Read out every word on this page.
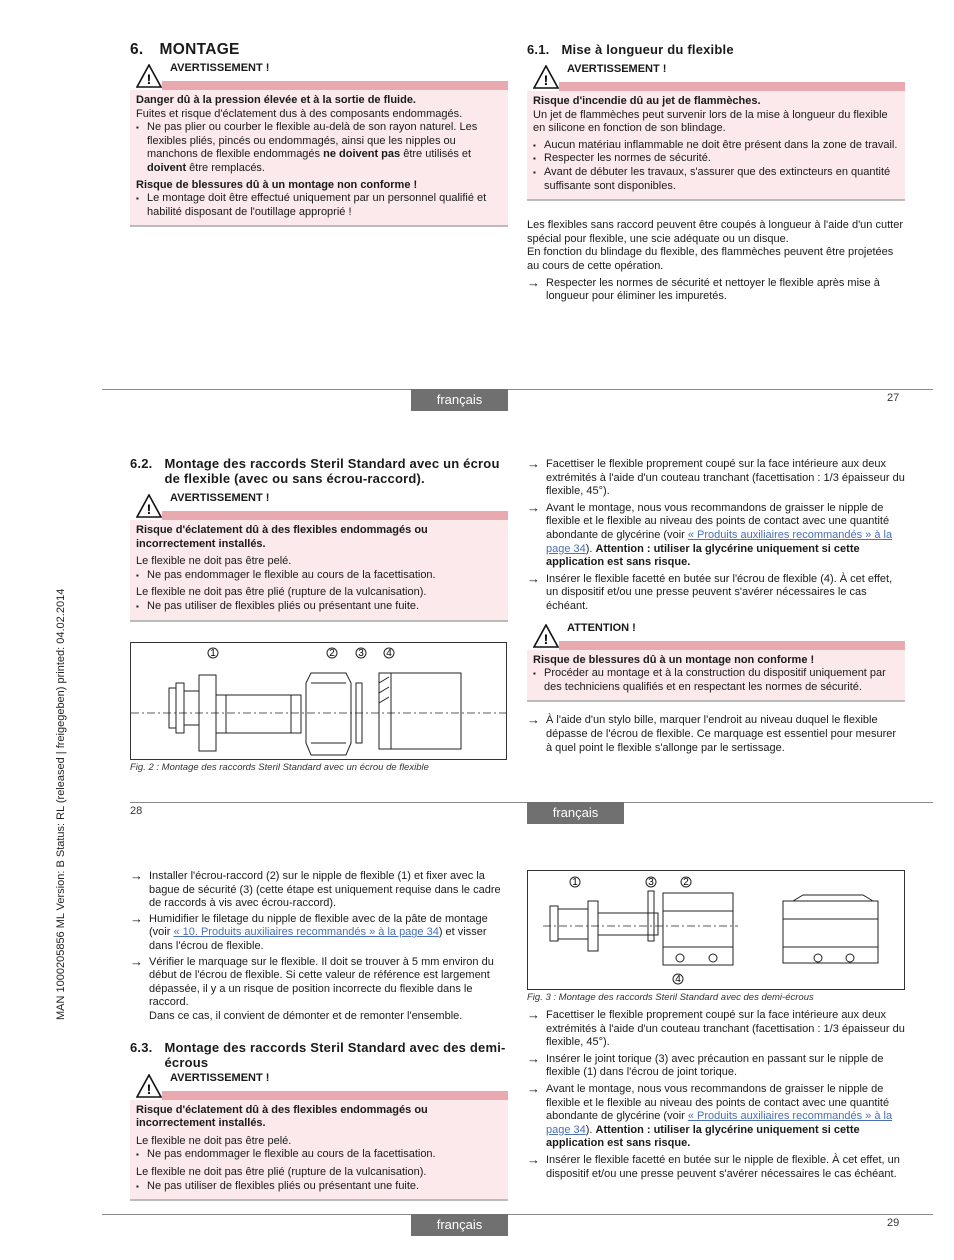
6. MONTAGE
!
AVERTISSEMENT !
Danger dû à la pression élevée et à la sortie de fluide.
Fuites et risque d'éclatement dus à des composants endommagés.
▪ Ne pas plier ou courber le flexible au-delà de son rayon naturel. Les flexibles pliés, pincés ou endommagés, ainsi que les nipples ou manchons de flexible endommagés ne doivent pas être utilisés et doivent être remplacés.
Risque de blessures dû à un montage non conforme !
▪ Le montage doit être effectué uniquement par un personnel qualifié et habilité disposant de l'outillage approprié !
6.1. Mise à longueur du flexible
!
AVERTISSEMENT !
Risque d'incendie dû au jet de flammèches.
Un jet de flammèches peut survenir lors de la mise à longueur du flexible en silicone en fonction de son blindage.
▪ Aucun matériau inflammable ne doit être présent dans la zone de travail.
▪ Respecter les normes de sécurité.
▪ Avant de débuter les travaux, s'assurer que des extincteurs en quantité suffisante sont disponibles.
Les flexibles sans raccord peuvent être coupés à longueur à l'aide d'un cutter spécial pour flexible, une scie adéquate ou un disque.
En fonction du blindage du flexible, des flammèches peuvent être projetées au cours de cette opération.
→ Respecter les normes de sécurité et nettoyer le flexible après mise à longueur pour éliminer les impuretés.
français	27
6.2. Montage des raccords Steril Standard avec un écrou de flexible (avec ou sans écrou-raccord).
!
AVERTISSEMENT !
Risque d'éclatement dû à des flexibles endommagés ou incorrectement installés.
Le flexible ne doit pas être pelé.
▪ Ne pas endommager le flexible au cours de la facettisation.
Le flexible ne doit pas être plié (rupture de la vulcanisation).
▪ Ne pas utiliser de flexibles pliés ou présentant une fuite.
1	2 3 4
Fig. 2 : Montage des raccords Steril Standard avec un écrou de flexible
→ Facettiser le flexible proprement coupé sur la face intérieure aux deux extrémités à l'aide d'un couteau tranchant (facettisation : 1/3 épaisseur du flexible, 45°).
→ Avant le montage, nous vous recommandons de graisser le nipple de flexible et le flexible au niveau des points de contact avec une quantité abondante de glycérine (voir « Produits auxiliaires recommandés » à la page 34). Attention : utiliser la glycérine uniquement si cette application est sans risque.
→ Insérer le flexible facetté en butée sur l'écrou de flexible (4). À cet effet, un dispositif et/ou une presse peuvent s'avérer nécessaires le cas échéant.
!
ATTENTION !
Risque de blessures dû à un montage non conforme !
▪ Procéder au montage et à la construction du dispositif uniquement par des techniciens qualifiés et en respectant les normes de sécurité.
→ À l'aide d'un stylo bille, marquer l'endroit au niveau duquel le flexible dépasse de l'écrou de flexible. Ce marquage est essentiel pour mesurer à quel point le flexible s'allonge par le sertissage.
28	français
→ Installer l'écrou-raccord (2) sur le nipple de flexible (1) et fixer avec la bague de sécurité (3) (cette étape est uniquement requise dans le cadre de raccords à vis avec écrou-raccord).
→ Humidifier le filetage du nipple de flexible avec de la pâte de montage (voir « 10. Produits auxiliaires recommandés » à la page 34) et visser dans l'écrou de flexible.
→ Vérifier le marquage sur le flexible. Il doit se trouver à 5 mm environ du début de l'écrou de flexible. Si cette valeur de référence est largement dépassée, il y a un risque de position incorrecte du flexible dans le raccord.
Dans ce cas, il convient de démonter et de remonter l'ensemble.
6.3. Montage des raccords Steril Standard avec des demi-écrous
!
AVERTISSEMENT !
Risque d'éclatement dû à des flexibles endommagés ou incorrectement installés.
Le flexible ne doit pas être pelé.
▪ Ne pas endommager le flexible au cours de la facettisation.
Le flexible ne doit pas être plié (rupture de la vulcanisation).
▪ Ne pas utiliser de flexibles pliés ou présentant une fuite.
1	3	2
4
Fig. 3 : Montage des raccords Steril Standard avec des demi-écrous
→ Facettiser le flexible proprement coupé sur la face intérieure aux deux extrémités à l'aide d'un couteau tranchant (facettisation : 1/3 épaisseur du flexible, 45°).
→ Insérer le joint torique (3) avec précaution en passant sur le nipple de flexible (1) dans l'écrou de joint torique.
→ Avant le montage, nous vous recommandons de graisser le nipple de flexible et le flexible au niveau des points de contact avec une quantité abondante de glycérine (voir « Produits auxiliaires recommandés » à la page 34). Attention : utiliser la glycérine uniquement si cette application est sans risque.
→ Insérer le flexible facetté en butée sur le nipple de flexible. À cet effet, un dispositif et/ou une presse peuvent s'avérer nécessaires le cas échéant.
français	29
MAN 1000205856 ML Version: B Status: RL (released | freigegeben) printed: 04.02.2014
